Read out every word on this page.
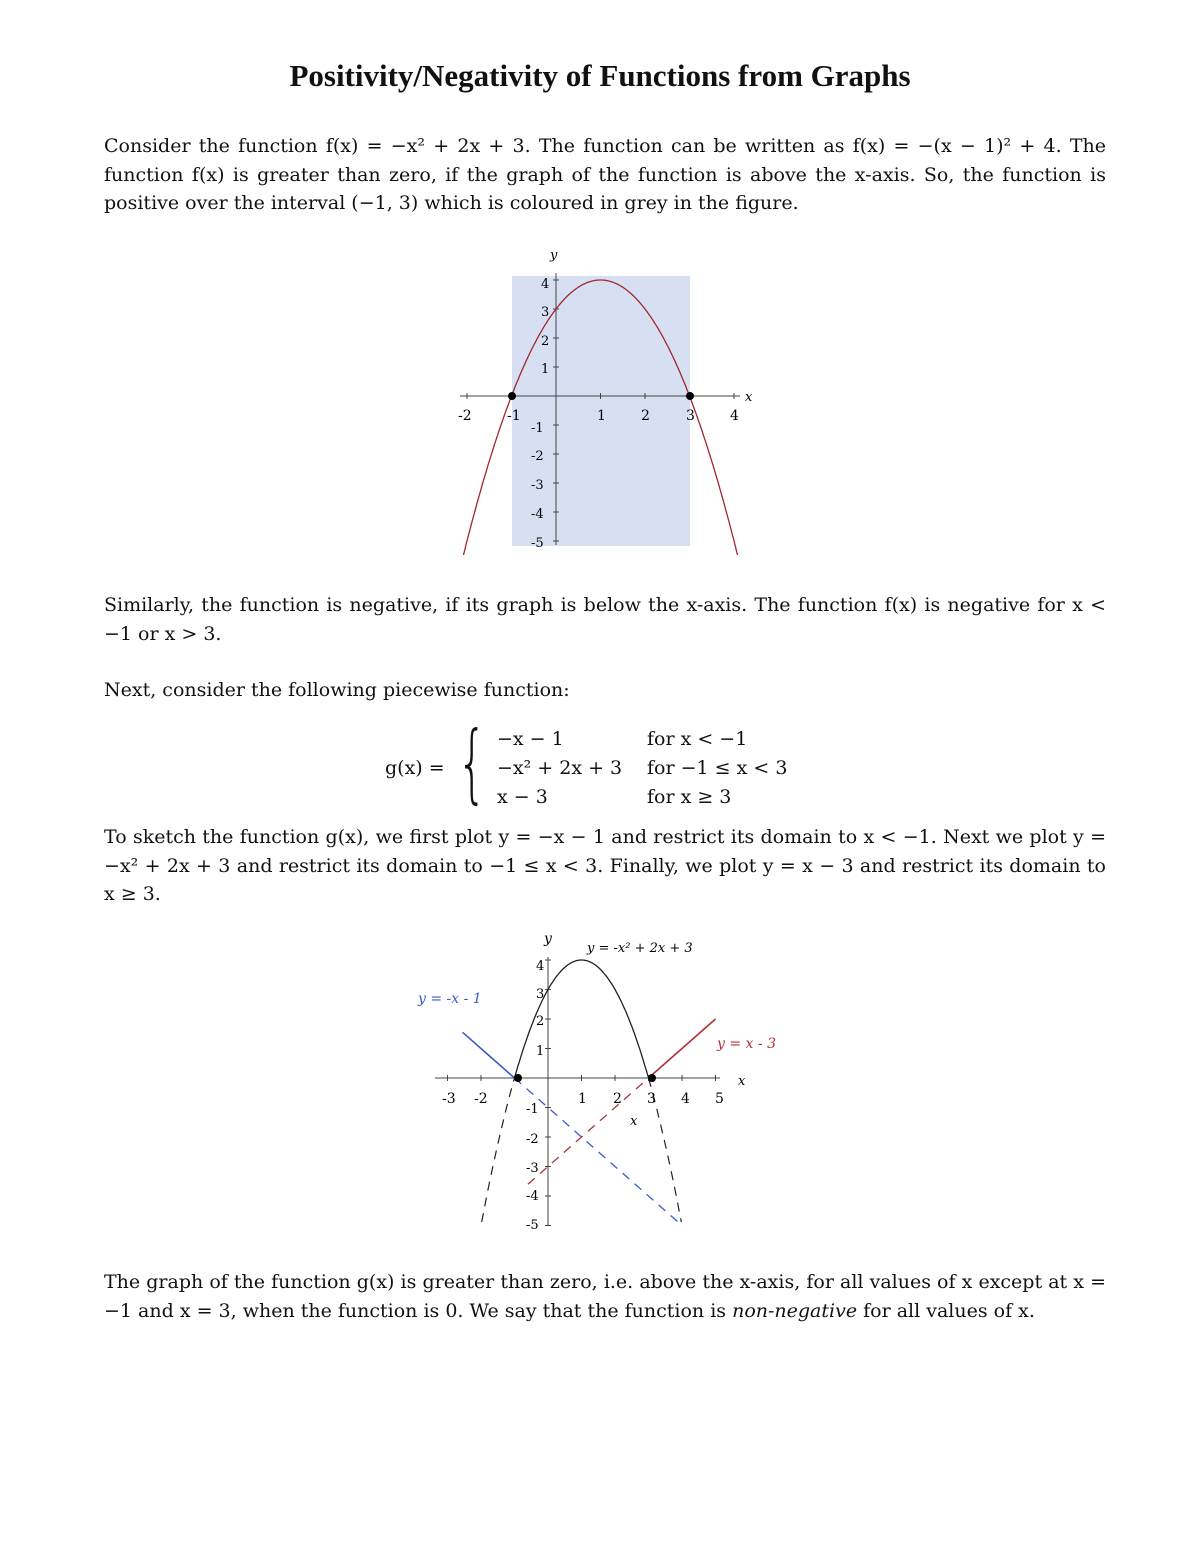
Positivity/Negativity of Functions from Graphs
Consider the function f(x) = −x² + 2x + 3. The function can be written as f(x) = −(x − 1)² + 4. The function f(x) is greater than zero, if the graph of the function is above the x-axis. So, the function is positive over the interval (−1, 3) which is coloured in grey in the figure.
x
y
-2	-1	1	2	3	4
4
3
2
1
-1
-2
-3
-4
-5
Similarly, the function is negative, if its graph is below the x-axis. The function f(x) is negative for x < −1 or x > 3.
Next, consider the following piecewise function:
g(x) = { −x − 1	for x < −1
−x² + 2x + 3 for −1 ≤ x < 3
x − 3	for x ≥ 3
To sketch the function g(x), we first plot y = −x − 1 and restrict its domain to x < −1. Next we plot y = −x² + 2x + 3 and restrict its domain to −1 ≤ x < 3. Finally, we plot y = x − 3 and restrict its domain to x ≥ 3.
x
y
y = -x² + 2x + 3
y = -x - 1
y = x - 3
x
-3 -2	1 2 3 4 5
4
3
2
1
-1
-2
-3
-4
-5
The graph of the function g(x) is greater than zero, i.e. above the x-axis, for all values of x except at x = −1 and x = 3, when the function is 0. We say that the function is non-negative for all values of x.
